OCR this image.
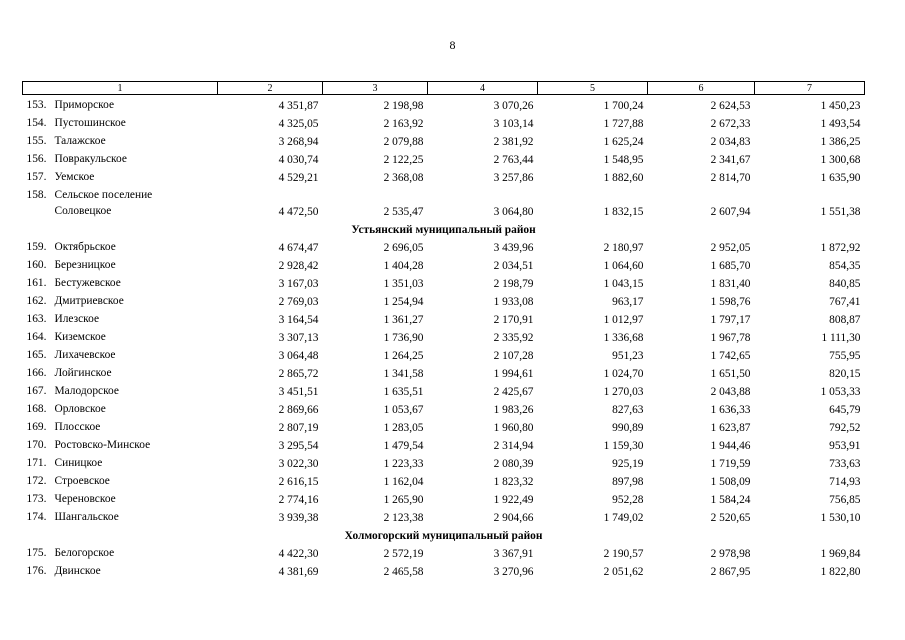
8
1	2	3	4	5	6	7
153. Приморское	4 351,87	2 198,98	3 070,26	1 700,24	2 624,53	1 450,23
154. Пустошинское	4 325,05	2 163,92	3 103,14	1 727,88	2 672,33	1 493,54
155. Талажское	3 268,94	2 079,88	2 381,92	1 625,24	2 034,83	1 386,25
156. Повракульское	4 030,74	2 122,25	2 763,44	1 548,95	2 341,67	1 300,68
157. Уемское	4 529,21	2 368,08	3 257,86	1 882,60	2 814,70	1 635,90
158. Сельское поселение
Соловецкое	4 472,50	2 535,47	3 064,80	1 832,15	2 607,94	1 551,38
Устьянский муниципальный район						
159. Октябрьское	4 674,47	2 696,05	3 439,96	2 180,97	2 952,05	1 872,92
160. Березницкое	2 928,42	1 404,28	2 034,51	1 064,60	1 685,70	854,35
161. Бестужевское	3 167,03	1 351,03	2 198,79	1 043,15	1 831,40	840,85
162. Дмитриевское	2 769,03	1 254,94	1 933,08	963,17	1 598,76	767,41
163. Илезское	3 164,54	1 361,27	2 170,91	1 012,97	1 797,17	808,87
164. Киземское	3 307,13	1 736,90	2 335,92	1 336,68	1 967,78	1 111,30
165. Лихачевское	3 064,48	1 264,25	2 107,28	951,23	1 742,65	755,95
166. Лойгинское	2 865,72	1 341,58	1 994,61	1 024,70	1 651,50	820,15
167. Малодорское	3 451,51	1 635,51	2 425,67	1 270,03	2 043,88	1 053,33
168. Орловское	2 869,66	1 053,67	1 983,26	827,63	1 636,33	645,79
169. Плосское	2 807,19	1 283,05	1 960,80	990,89	1 623,87	792,52
170. Ростовско-Минское	3 295,54	1 479,54	2 314,94	1 159,30	1 944,46	953,91
171. Синицкое	3 022,30	1 223,33	2 080,39	925,19	1 719,59	733,63
172. Строевское	2 616,15	1 162,04	1 823,32	897,98	1 508,09	714,93
173. Череновское	2 774,16	1 265,90	1 922,49	952,28	1 584,24	756,85
174. Шангальское	3 939,38	2 123,38	2 904,66	1 749,02	2 520,65	1 530,10
Холмогорский муниципальный район						
175. Белогорское	4 422,30	2 572,19	3 367,91	2 190,57	2 978,98	1 969,84
176. Двинское	4 381,69	2 465,58	3 270,96	2 051,62	2 867,95	1 822,80
